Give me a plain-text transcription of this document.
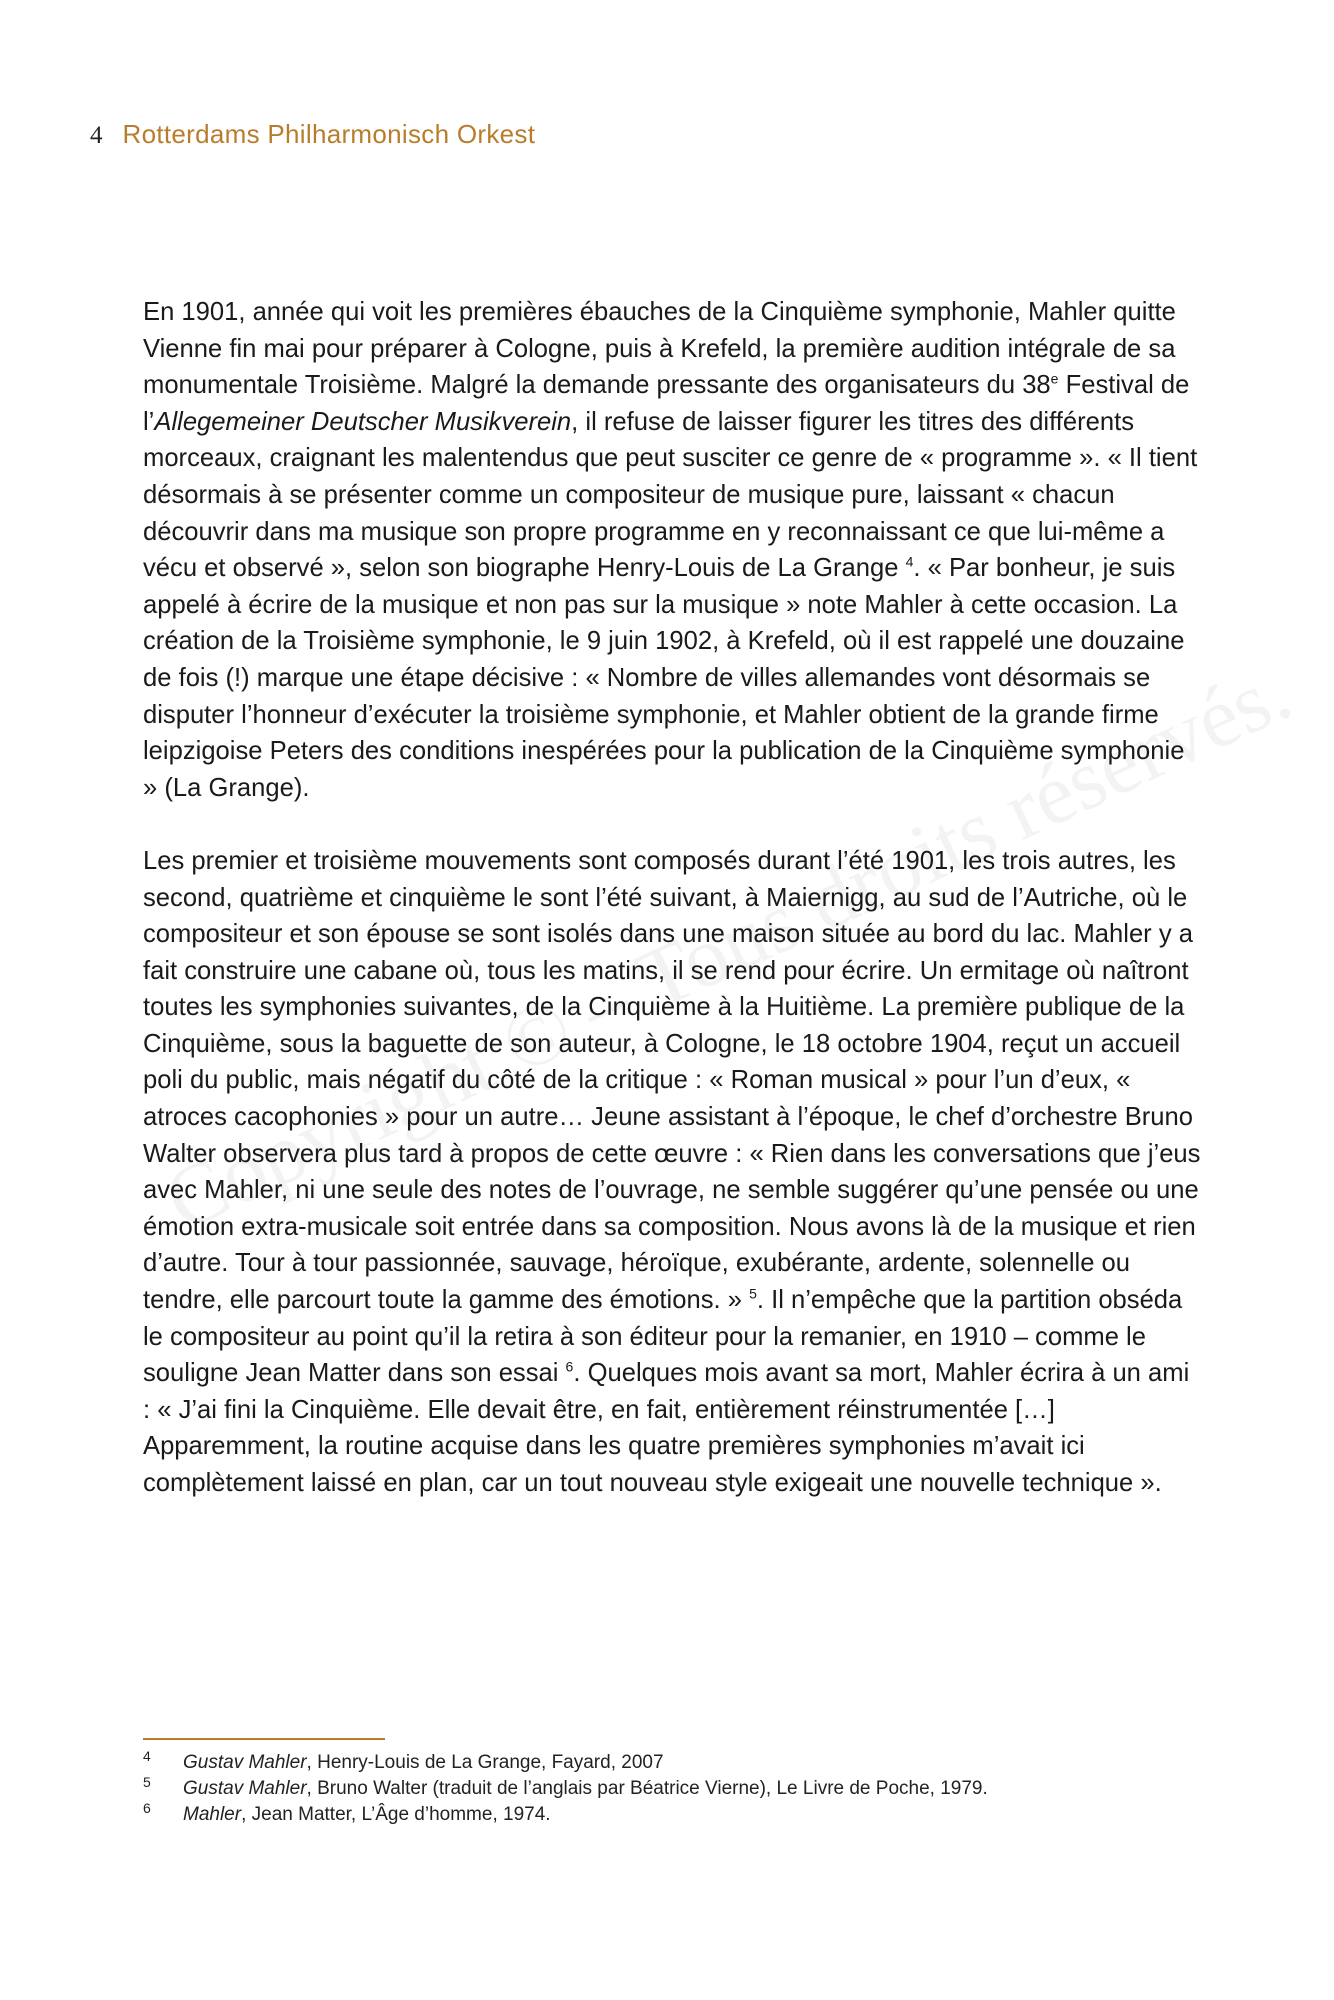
4 Rotterdams Philharmonisch Orkest

En 1901, année qui voit les premières ébauches de la Cinquième symphonie, Mahler quitte Vienne fin mai pour préparer à Cologne, puis à Krefeld, la première audition intégrale de sa monumentale Troisième. Malgré la demande pressante des organisateurs du 38e Festival de l’Allegemeiner Deutscher Musikverein, il refuse de laisser figurer les titres des différents morceaux, craignant les malentendus que peut susciter ce genre de « programme ». « Il tient désormais à se présenter comme un compositeur de musique pure, laissant « chacun découvrir dans ma musique son propre programme en y reconnaissant ce que lui-même a vécu et observé », selon son biographe Henry-Louis de La Grange $^4$. « Par bonheur, je suis appelé à écrire de la musique et non pas sur la musique » note Mahler à cette occasion. La création de la Troisième symphonie, le 9 juin 1902, à Krefeld, où il est rappelé une douzaine de fois (!) marque une étape décisive : « Nombre de villes allemandes vont désormais se disputer l’honneur d’exécuter la troisième symphonie, et Mahler obtient de la grande firme leipzigoise Peters des conditions inespérées pour la publication de la Cinquième symphonie » (La Grange).

Les premier et troisième mouvements sont composés durant l’été 1901, les trois autres, les second, quatrième et cinquième le sont l’été suivant, à Maiernigg, au sud de l’Autriche, où le compositeur et son épouse se sont isolés dans une maison située au bord du lac. Mahler y a fait construire une cabane où, tous les matins, il se rend pour écrire. Un ermitage où naîtront toutes les symphonies suivantes, de la Cinquième à la Huitième. La première publique de la Cinquième, sous la baguette de son auteur, à Cologne, le 18 octobre 1904, reçut un accueil poli du public, mais négatif du côté de la critique : « Roman musical » pour l’un d’eux, « atroces cacophonies » pour un autre… Jeune assistant à l’époque, le chef d’orchestre Bruno Walter observera plus tard à propos de cette œuvre : « Rien dans les conversations que j’eus avec Mahler, ni une seule des notes de l’ouvrage, ne semble suggérer qu’une pensée ou une émotion extra-musicale soit entrée dans sa composition. Nous avons là de la musique et rien d’autre. Tour à tour passionnée, sauvage, héroïque, exubérante, ardente, solennelle ou tendre, elle parcourt toute la gamme des émotions. » $^5$. Il n’empêche que la partition obséda le compositeur au point qu’il la retira à son éditeur pour la remanier, en 1910 – comme le souligne Jean Matter dans son essai $^6$. Quelques mois avant sa mort, Mahler écrira à un ami : « J’ai fini la Cinquième. Elle devait être, en fait, entièrement réinstrumentée […] Apparemment, la routine acquise dans les quatre premières symphonies m’avait ici complètement laissé en plan, car un tout nouveau style exigeait une nouvelle technique ».

4 Gustav Mahler, Henry-Louis de La Grange, Fayard, 2007
5 Gustav Mahler, Bruno Walter (traduit de l’anglais par Béatrice Vierne), Le Livre de Poche, 1979.
6 Mahler, Jean Matter, L’Âge d’homme, 1974.
